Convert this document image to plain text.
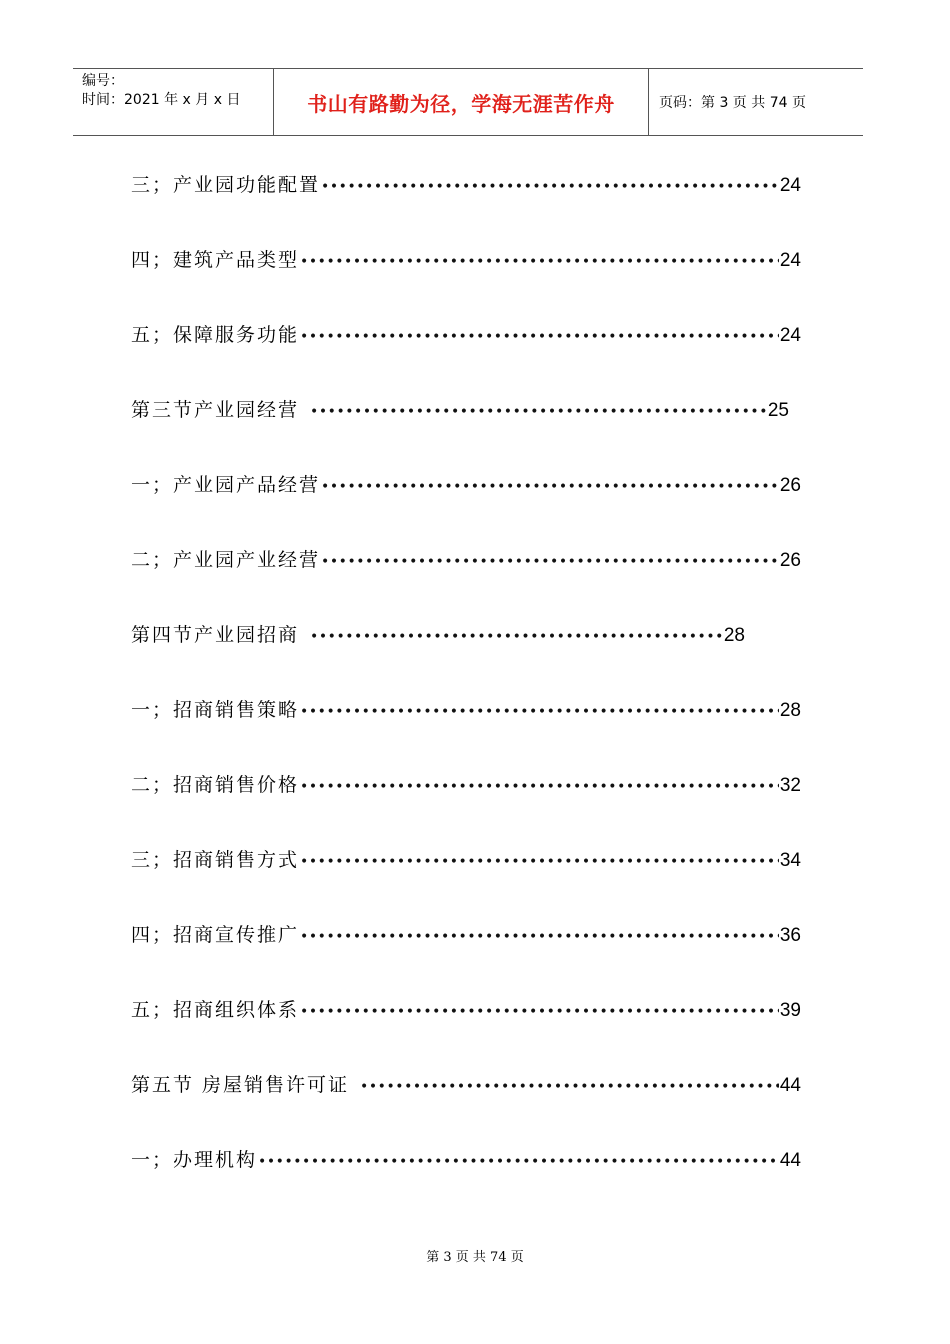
编号：
时间：2021 年 x 月 x 日	书山有路勤为径，学海无涯苦作舟	页码：第 3 页 共 74 页
三；产业园功能配置 •••••	24
四；建筑产品类型 •••••	24
五；保障服务功能 •••••	24
第三节产业园经营 •••••	25
一；产业园产品经营 •••••	26
二；产业园产业经营 •••••	26
第四节产业园招商 •••••	28
一；招商销售策略 •••••	28
二；招商销售价格 •••••	32
三；招商销售方式 •••••	34
四；招商宣传推广 •••••	36
五；招商组织体系 •••••	39
第五节 房屋销售许可证 •••••	44
一；办理机构 •••••	44
第 3 页 共 74 页
